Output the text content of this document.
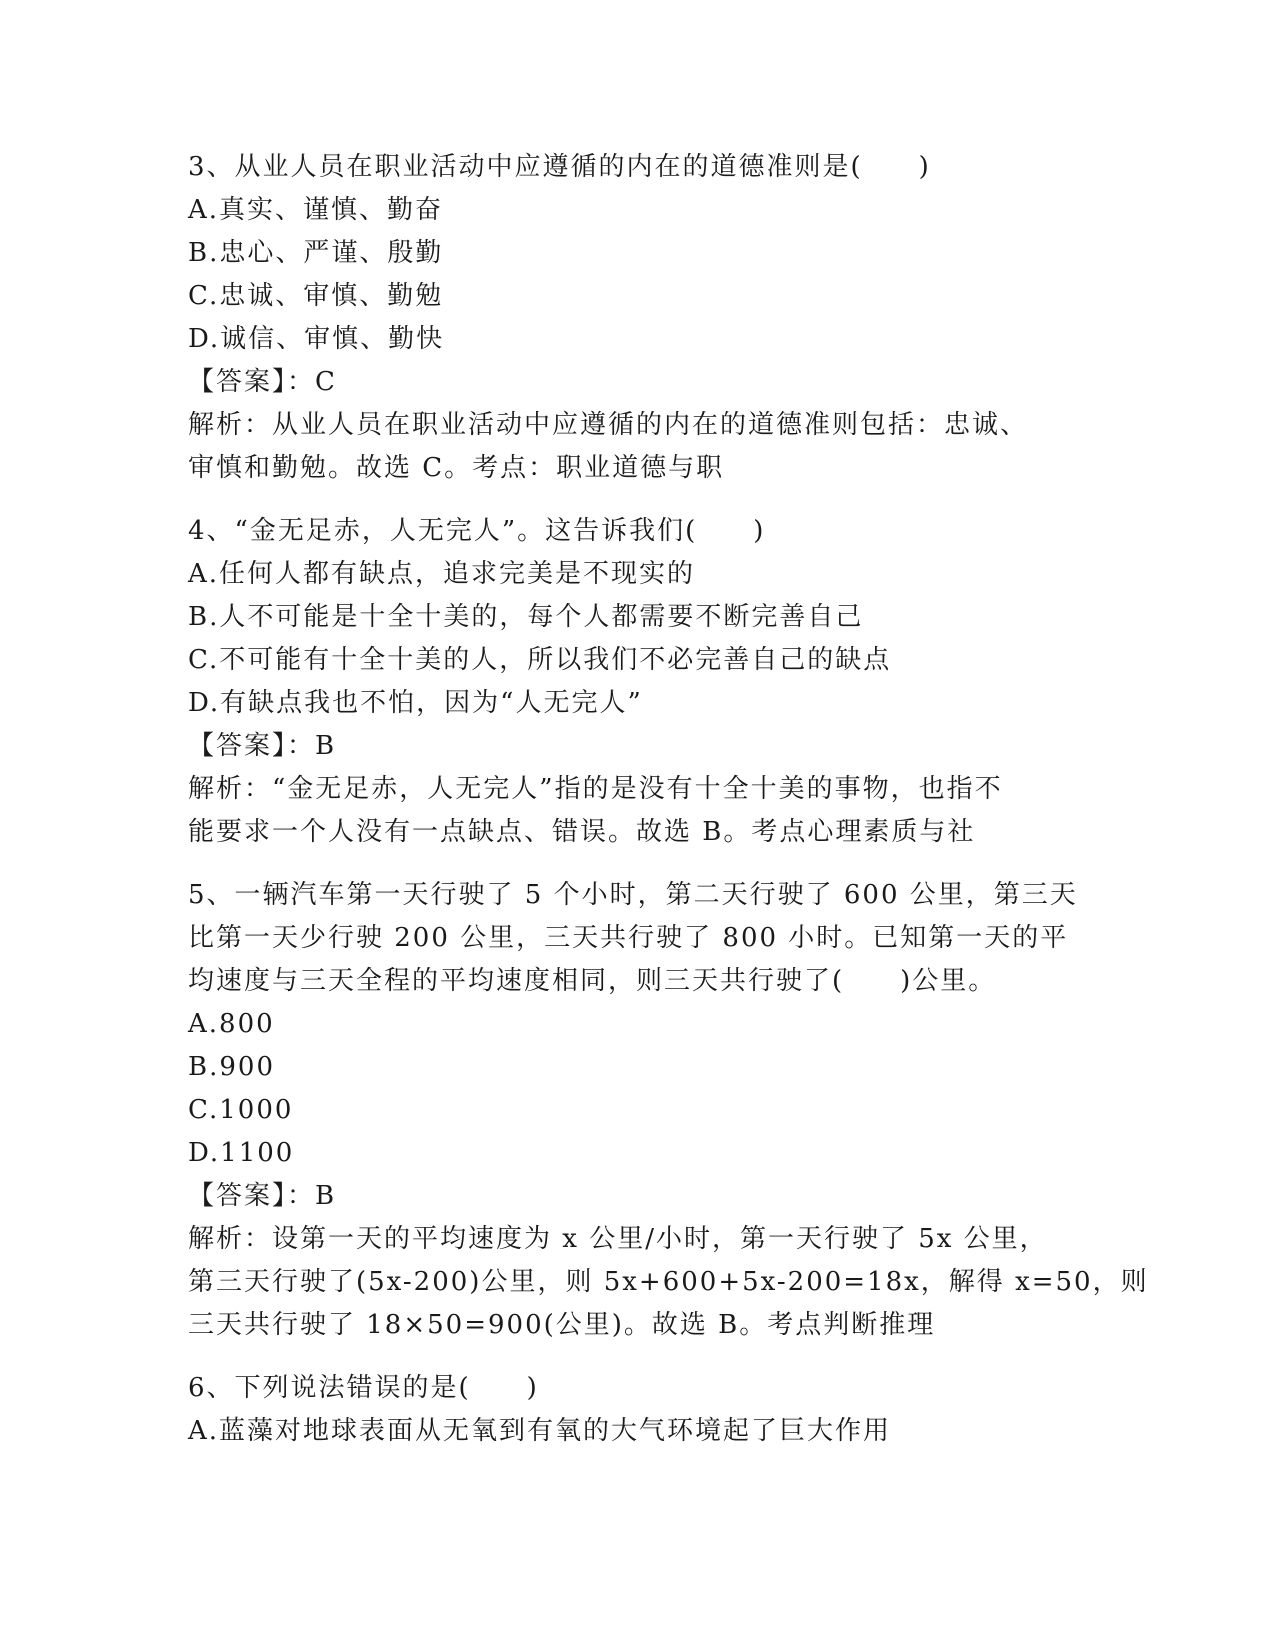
3、从业人员在职业活动中应遵循的内在的道德准则是(　　)
A.真实、谨慎、勤奋
B.忠心、严谨、殷勤
C.忠诚、审慎、勤勉
D.诚信、审慎、勤快
【答案】：C
解析：从业人员在职业活动中应遵循的内在的道德准则包括：忠诚、
审慎和勤勉。故选 C。考点：职业道德与职
4、“金无足赤，人无完人”。这告诉我们(　　)
A.任何人都有缺点，追求完美是不现实的
B.人不可能是十全十美的，每个人都需要不断完善自己
C.不可能有十全十美的人，所以我们不必完善自己的缺点
D.有缺点我也不怕，因为“人无完人”
【答案】：B
解析：“金无足赤，人无完人”指的是没有十全十美的事物，也指不
能要求一个人没有一点缺点、错误。故选 B。考点心理素质与社
5、一辆汽车第一天行驶了 5 个小时，第二天行驶了 600 公里，第三天
比第一天少行驶 200 公里，三天共行驶了 800 小时。已知第一天的平
均速度与三天全程的平均速度相同，则三天共行驶了(　　)公里。
A.800
B.900
C.1000
D.1100
【答案】：B
解析：设第一天的平均速度为 x 公里/小时，第一天行驶了 5x 公里，
第三天行驶了(5x-200)公里，则 5x+600+5x-200=18x，解得 x=50，则
三天共行驶了 18×50=900(公里)。故选 B。考点判断推理
6、下列说法错误的是(　　)
A.蓝藻对地球表面从无氧到有氧的大气环境起了巨大作用
